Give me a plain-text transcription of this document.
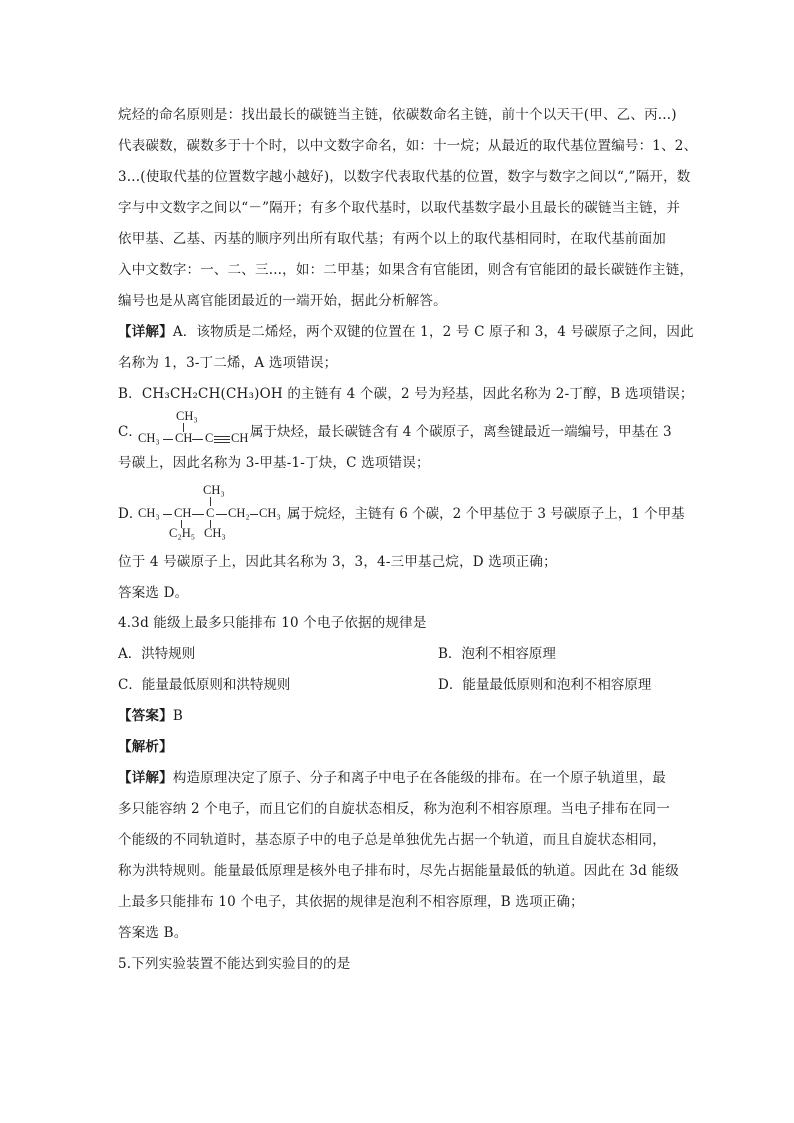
烷烃的命名原则是：找出最长的碳链当主链，依碳数命名主链，前十个以天干(甲、乙、丙...)
代表碳数，碳数多于十个时，以中文数字命名，如：十一烷；从最近的取代基位置编号：1、2、
3...(使取代基的位置数字越小越好)，以数字代表取代基的位置，数字与数字之间以“,”隔开，数
字与中文数字之间以“－”隔开；有多个取代基时，以取代基数字最小且最长的碳链当主链，并
依甲基、乙基、丙基的顺序列出所有取代基；有两个以上的取代基相同时，在取代基前面加
入中文数字：一、二、三...，如：二甲基；如果含有官能团，则含有官能团的最长碳链作主链，
编号也是从离官能团最近的一端开始，据此分析解答。
【详解】A．该物质是二烯烃，两个双键的位置在 1，2 号 C 原子和 3，4 号碳原子之间，因此
名称为 1，3-丁二烯，A 选项错误；
B．CH₃CH₂CH(CH₃)OH 的主链有 4 个碳，2 号为羟基，因此名称为 2-丁醇，B 选项错误；
C．
CH₃
CH₃ CH C CH 属于炔烃，最长碳链含有 4 个碳原子，离叁键最近一端编号，甲基在 3
号碳上，因此名称为 3-甲基-1-丁炔，C 选项错误；
D．
CH₃
CH₃ CH C CH₂ CH₃
C₂H₅ CH₃
属于烷烃，主链有 6 个碳，2 个甲基位于 3 号碳原子上，1 个甲基
位于 4 号碳原子上，因此其名称为 3，3，4-三甲基己烷，D 选项正确；
答案选 D。
4.3d 能级上最多只能排布 10 个电子依据的规律是
A．洪特规则	B．泡利不相容原理
C．能量最低原则和洪特规则	D．能量最低原则和泡利不相容原理
【答案】B
【解析】
【详解】构造原理决定了原子、分子和离子中电子在各能级的排布。在一个原子轨道里，最
多只能容纳 2 个电子，而且它们的自旋状态相反，称为泡利不相容原理。当电子排布在同一
个能级的不同轨道时，基态原子中的电子总是单独优先占据一个轨道，而且自旋状态相同，
称为洪特规则。能量最低原理是核外电子排布时，尽先占据能量最低的轨道。因此在 3d 能级
上最多只能排布 10 个电子，其依据的规律是泡利不相容原理，B 选项正确；
答案选 B。
5.下列实验装置不能达到实验目的的是
